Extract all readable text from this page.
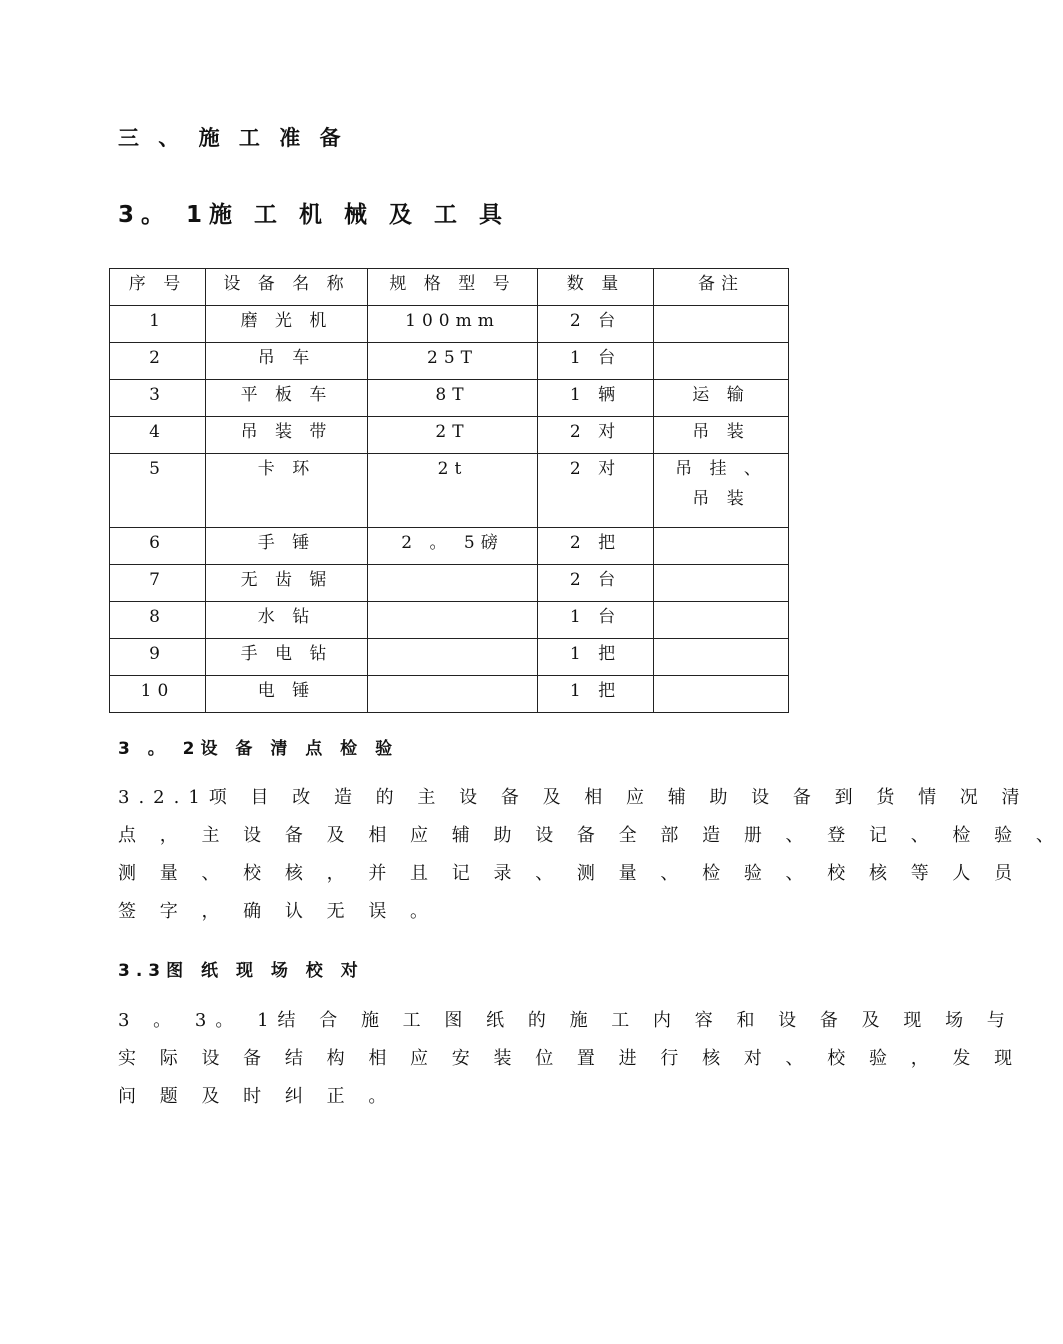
三 、 施 工 准 备
3。 1施 工 机 械 及 工 具
序 号	设 备 名 称	规 格 型 号	数 量	备注
1	磨 光 机	100mm	2 台	
2	吊 车	25T	1 台	
3	平 板 车	8T	1 辆	运 输
4	吊 装 带	2T	2 对	吊 装
5	卡 环	2t	2 对	吊 挂 、
吊 装

6	手 锤	2 。 5磅	2 把	
7	无 齿 锯		2 台	
8	水 钻		1 台	
9	手 电 钻		1 把	
10	电 锤		1 把	
3 。 2设 备 清 点 检 验
3.2.1项 目 改 造 的 主 设 备 及 相 应 辅 助 设 备 到 货 情 况 清
点 ， 主 设 备 及 相 应 辅 助 设 备 全 部 造 册 、 登 记 、 检 验 、
测 量 、 校 核 ， 并 且 记 录 、 测 量 、 检 验 、 校 核 等 人 员
签 字 ， 确 认 无 误 。
3.3图 纸 现 场 校 对
3 。 3。 1结 合 施 工 图 纸 的 施 工 内 容 和 设 备 及 现 场 与
实 际 设 备 结 构 相 应 安 装 位 置 进 行 核 对 、 校 验 ， 发 现
问 题 及 时 纠 正 。
